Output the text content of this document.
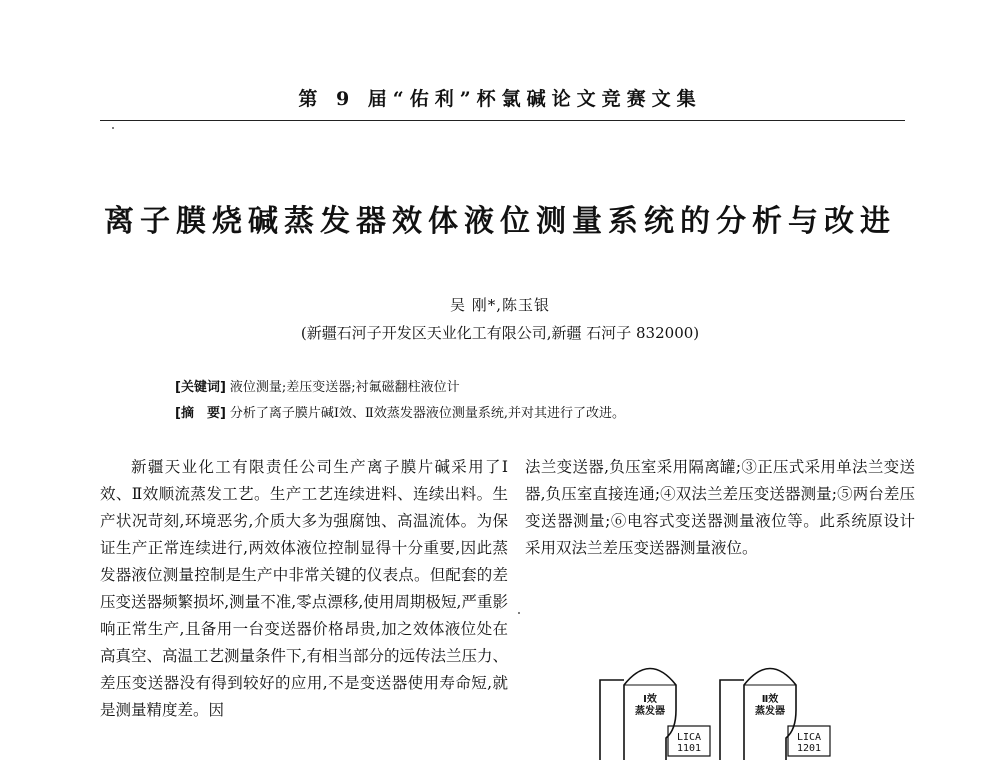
第 9 届“佑利”杯氯碱论文竞赛文集
离子膜烧碱蒸发器效体液位测量系统的分析与改进
吴 刚*,陈玉银
(新疆石河子开发区天业化工有限公司,新疆 石河子 832000)
[关键词] 液位测量;差压变送器;衬氟磁翻柱液位计
[摘　要] 分析了离子膜片碱Ⅰ效、Ⅱ效蒸发器液位测量系统,并对其进行了改进。
新疆天业化工有限责任公司生产离子膜片碱采用了Ⅰ效、Ⅱ效顺流蒸发工艺。生产工艺连续进料、连续出料。生产状况苛刻,环境恶劣,介质大多为强腐蚀、高温流体。为保证生产正常连续进行,两效体液位控制显得十分重要,因此蒸发器液位测量控制是生产中非常关键的仪表点。但配套的差压变送器频繁损坏,测量不准,零点漂移,使用周期极短,严重影响正常生产,且备用一台变送器价格昂贵,加之效体液位处在高真空、高温工艺测量条件下,有相当部分的远传法兰压力、差压变送器没有得到较好的应用,不是变送器使用寿命短,就是测量精度差。因
法兰变送器,负压室采用隔离罐;③正压式采用单法兰变送器,负压室直接连通;④双法兰差压变送器测量;⑤两台差压变送器测量;⑥电容式变送器测量液位等。此系统原设计采用双法兰差压变送器测量液位。
Ⅰ效
蒸发器
Ⅱ效
蒸发器
LICA
1101
LICA
1201
